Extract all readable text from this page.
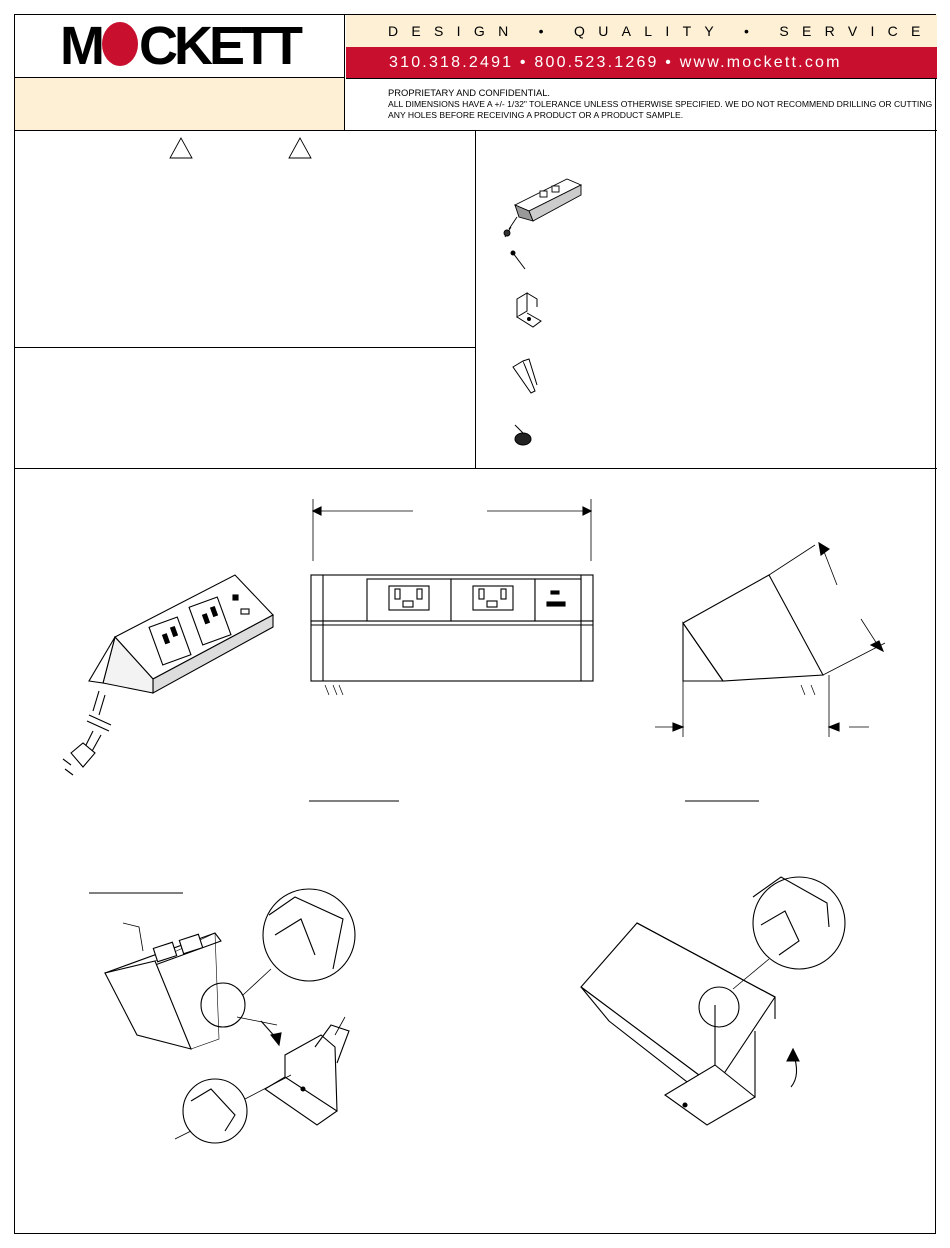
M CKETT	DESIGN • QUALITY • SERVICE
310.318.2491 • 800.523.1269 • www.mockett.com
PROPRIETARY AND CONFIDENTIAL.
ALL DIMENSIONS HAVE A +/- 1/32" TOLERANCE UNLESS OTHERWISE SPECIFIED. WE DO NOT RECOMMEND DRILLING OR CUTTING ANY HOLES BEFORE RECEIVING A PRODUCT OR A PRODUCT SAMPLE.
